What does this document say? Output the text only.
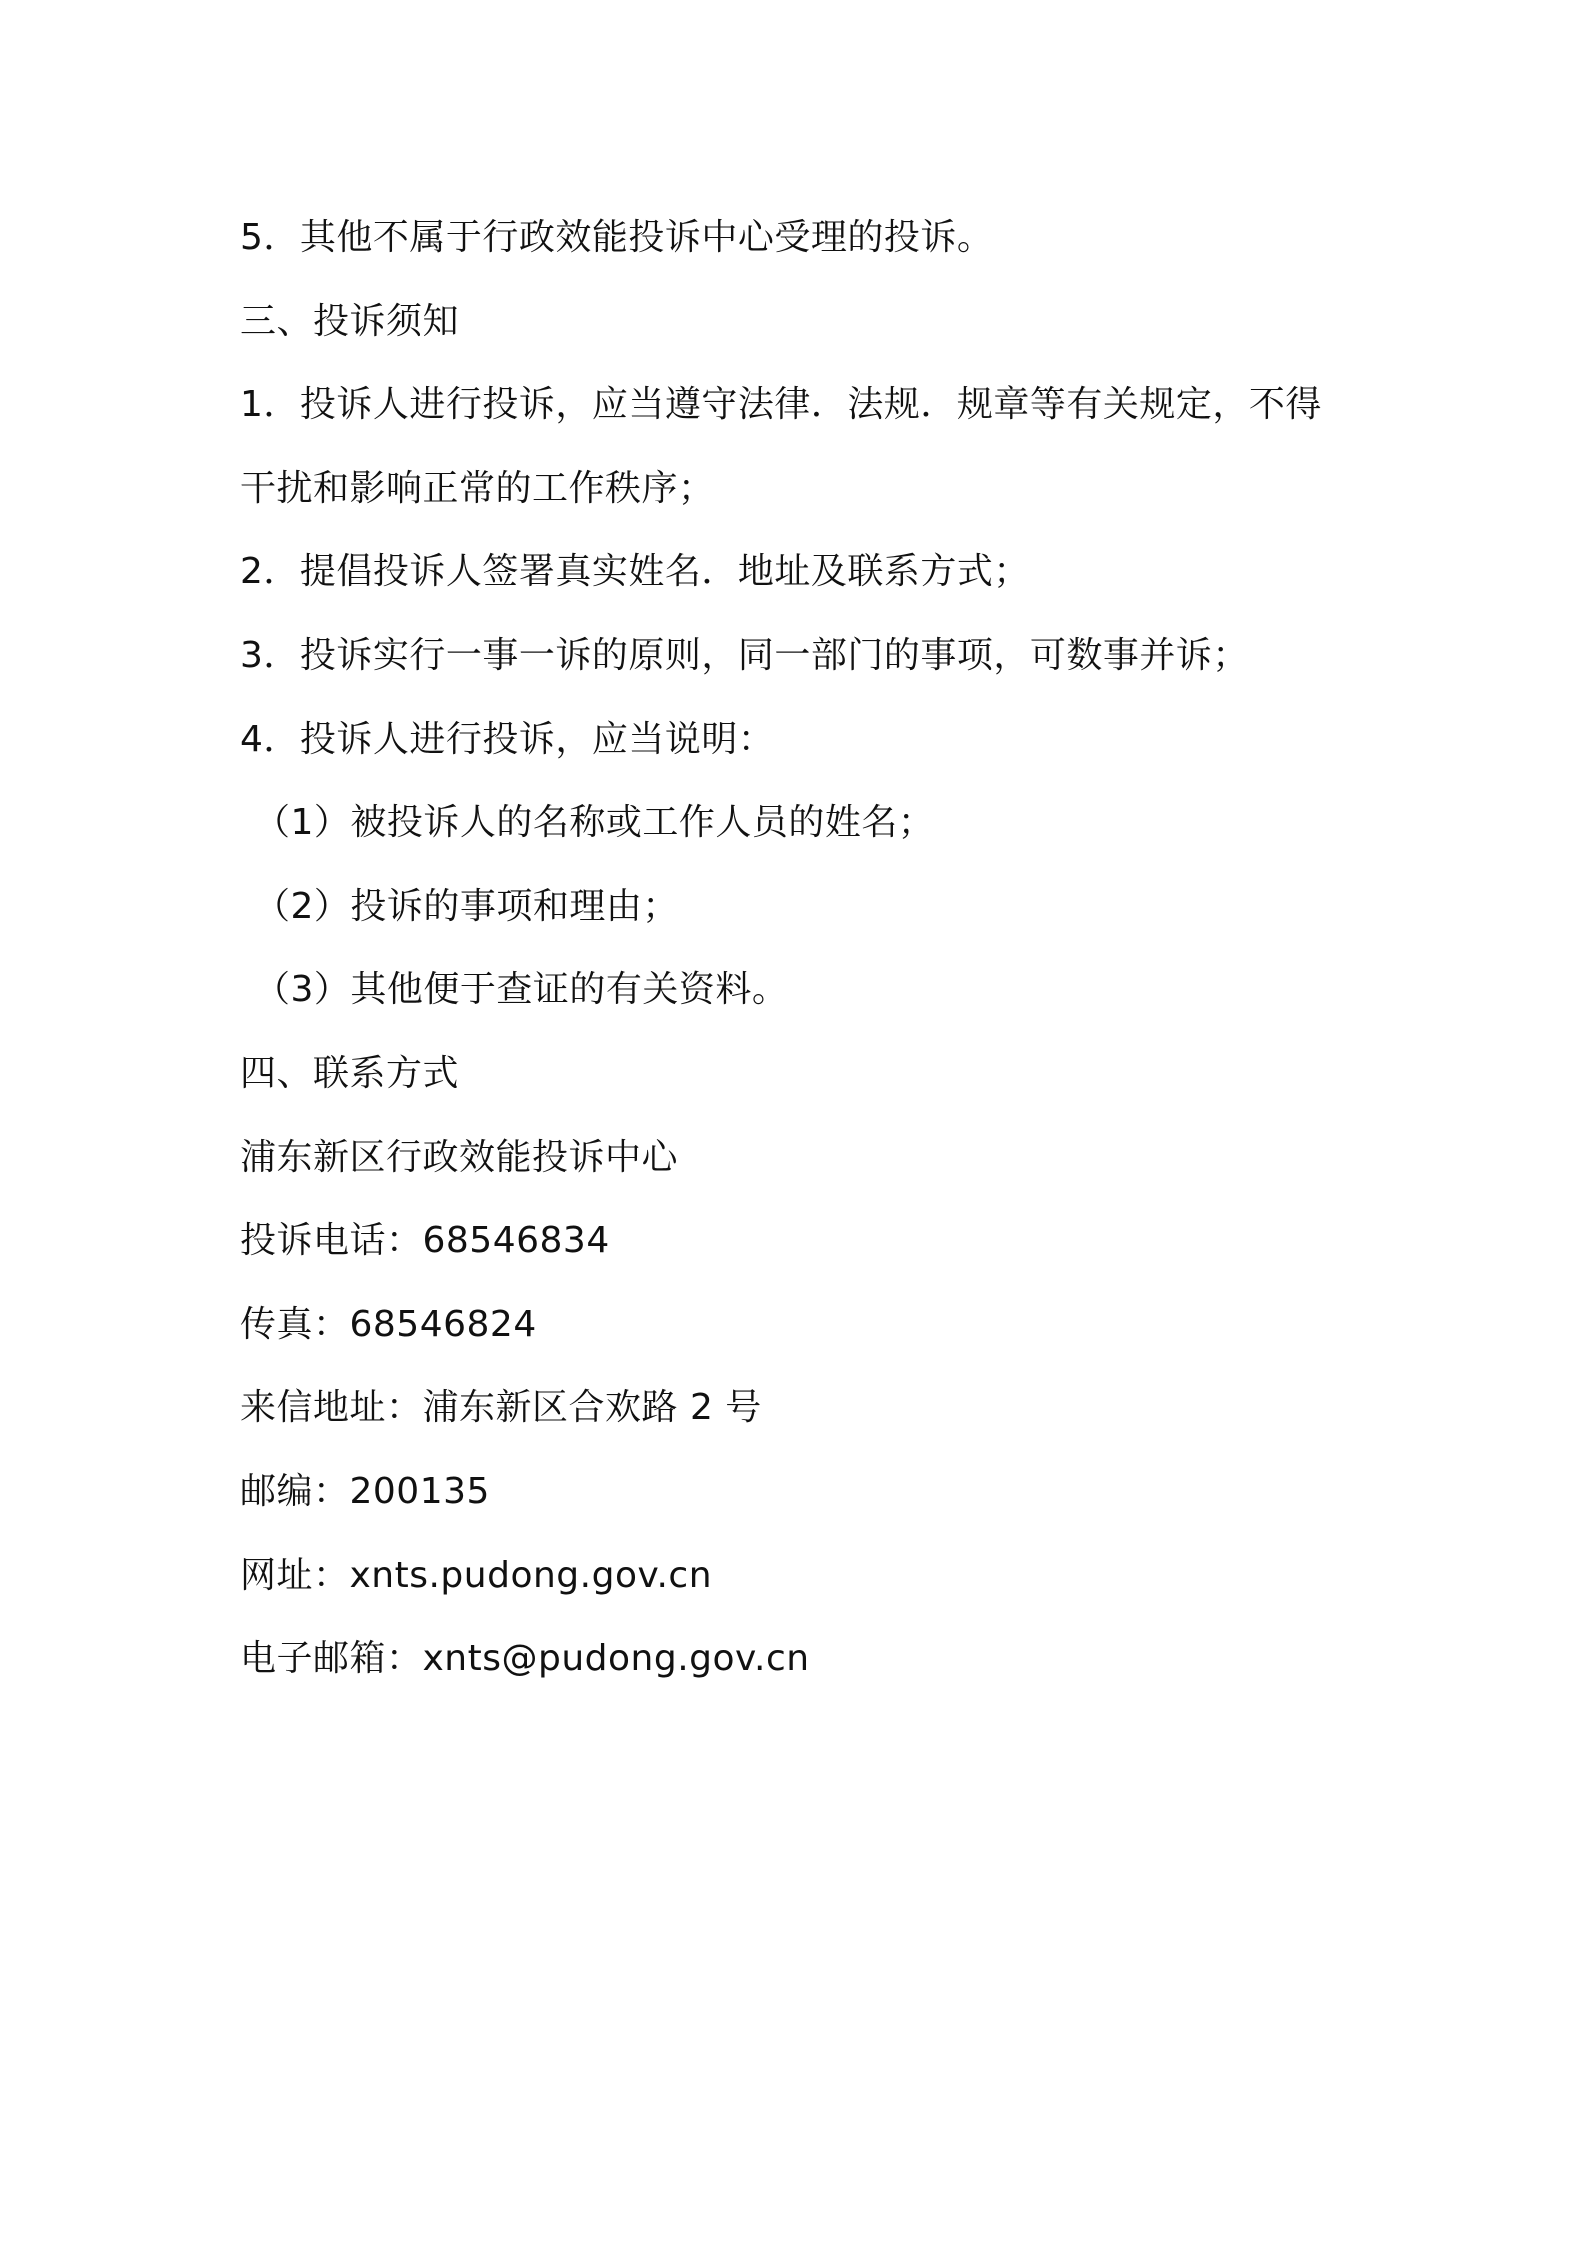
5．其他不属于行政效能投诉中心受理的投诉。
三、投诉须知
1．投诉人进行投诉，应当遵守法律．法规．规章等有关规定，不得
干扰和影响正常的工作秩序；
2．提倡投诉人签署真实姓名．地址及联系方式；
3．投诉实行一事一诉的原则，同一部门的事项，可数事并诉；
4．投诉人进行投诉，应当说明：
（1）被投诉人的名称或工作人员的姓名；
（2）投诉的事项和理由；
（3）其他便于查证的有关资料。
四、联系方式
浦东新区行政效能投诉中心
投诉电话：68546834
传真：68546824
来信地址：浦东新区合欢路 2 号
邮编：200135
网址：xnts.pudong.gov.cn
电子邮箱：xnts@pudong.gov.cn
